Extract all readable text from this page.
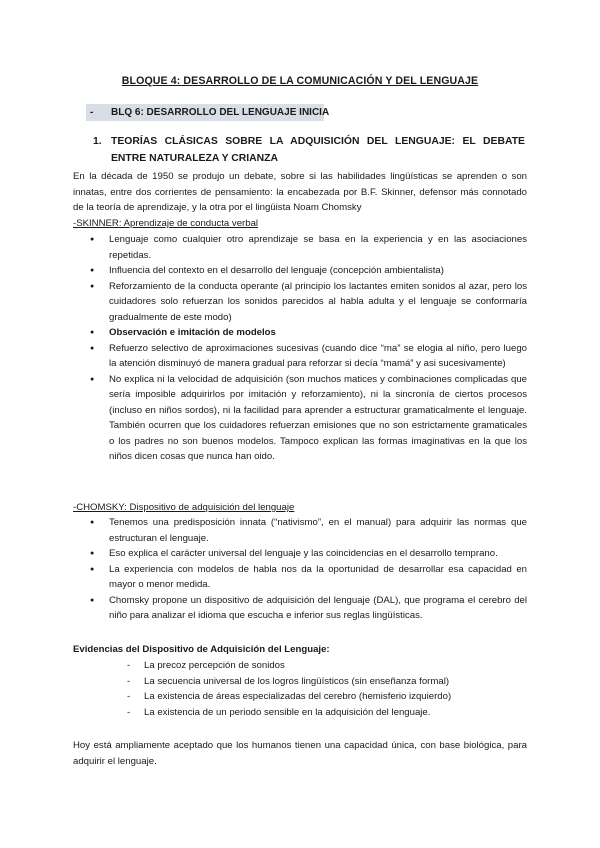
BLOQUE 4: DESARROLLO DE LA COMUNICACIÓN Y DEL LENGUAJE
- BLQ 6: DESARROLLO DEL LENGUAJE INICIA
1. TEORÍAS CLÁSICAS SOBRE LA ADQUISICIÓN DEL LENGUAJE: EL DEBATE ENTRE NATURALEZA Y CRIANZA
En la década de 1950 se produjo un debate, sobre si las habilidades lingüísticas se aprenden o son innatas, entre dos corrientes de pensamiento: la encabezada por B.F. Skinner, defensor más connotado de la teoría de aprendizaje, y la otra por el lingüista Noam Chomsky
-SKINNER: Aprendizaje de conducta verbal
● Lenguaje como cualquier otro aprendizaje se basa en la experiencia y en las asociaciones repetidas.
● Influencia del contexto en el desarrollo del lenguaje (concepción ambientalista)
● Reforzamiento de la conducta operante (al principio los lactantes emiten sonidos al azar, pero los cuidadores solo refuerzan los sonidos parecidos al habla adulta y el lenguaje se conformaría gradualmente de este modo)
● Observación e imitación de modelos
● Refuerzo selectivo de aproximaciones sucesivas (cuando dice “ma” se elogia al niño, pero luego la atención disminuyó de manera gradual para reforzar si decía “mamá” y asi sucesivamente)
● No explica ni la velocidad de adquisición (son muchos matices y combinaciones complicadas que sería imposible adquirirlos por imitación y reforzamiento), ni la sincronía de ciertos procesos (incluso en niños sordos), ni la facilidad para aprender a estructurar gramaticalmente el lenguaje. También ocurren que los cuidadores refuerzan emisiones que no son estrictamente gramaticales o los padres no son buenos modelos. Tampoco explican las formas imaginativas en la que los niños dicen cosas que nunca han oido.
-CHOMSKY: Dispositivo de adquisición del lenguaje
● Tenemos una predisposición innata (“nativismo”, en el manual) para adquirir las normas que estructuran el lenguaje.
● Eso explica el carácter universal del lenguaje y las coincidencias en el desarrollo temprano.
● La experiencia con modelos de habla nos da la oportunidad de desarrollar esa capacidad en mayor o menor medida.
● Chomsky propone un dispositivo de adquisición del lenguaje (DAL), que programa el cerebro del niño para analizar el idioma que escucha e inferior sus reglas lingüísticas.
Evidencias del Dispositivo de Adquisición del Lenguaje:
- La precoz percepción de sonidos
- La secuencia universal de los logros lingüísticos (sin enseñanza formal)
- La existencia de áreas especializadas del cerebro (hemisferio izquierdo)
- La existencia de un periodo sensible en la adquisición del lenguaje.
Hoy está ampliamente aceptado que los humanos tienen una capacidad única, con base biológica, para adquirir el lenguaje.
